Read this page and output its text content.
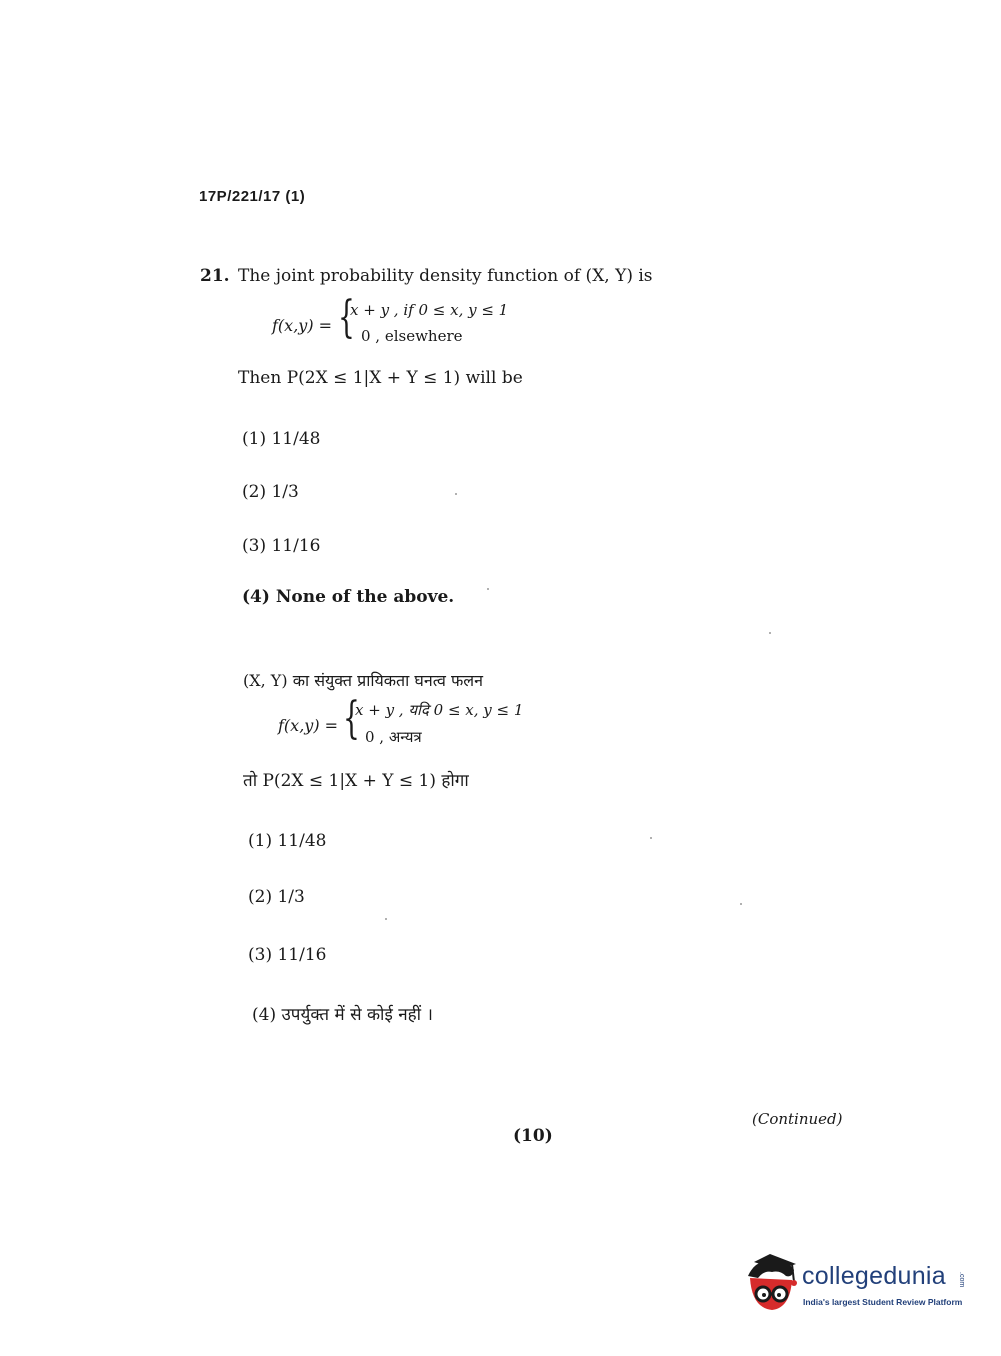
17P/221/17 (1)
21. The joint probability density function of (X, Y) is
f(x,y) = {
x + y , if 0 ≤ x, y ≤ 1
0 , elsewhere
Then P(2X ≤ 1|X + Y ≤ 1) will be
(1) 11/48
(2) 1/3
(3) 11/16
(4) None of the above.
(X, Y) का संयुक्त प्रायिकता घनत्व फलन
f(x,y) = {
x + y , यदि 0 ≤ x, y ≤ 1
0 , अन्यत्र
तो P(2X ≤ 1|X + Y ≤ 1) होगा
(1) 11/48
(2) 1/3
(3) 11/16
(4) उपर्युक्त में से कोई नहीं ।
(10)
(Continued)
collegedunia .com
India's largest Student Review Platform
